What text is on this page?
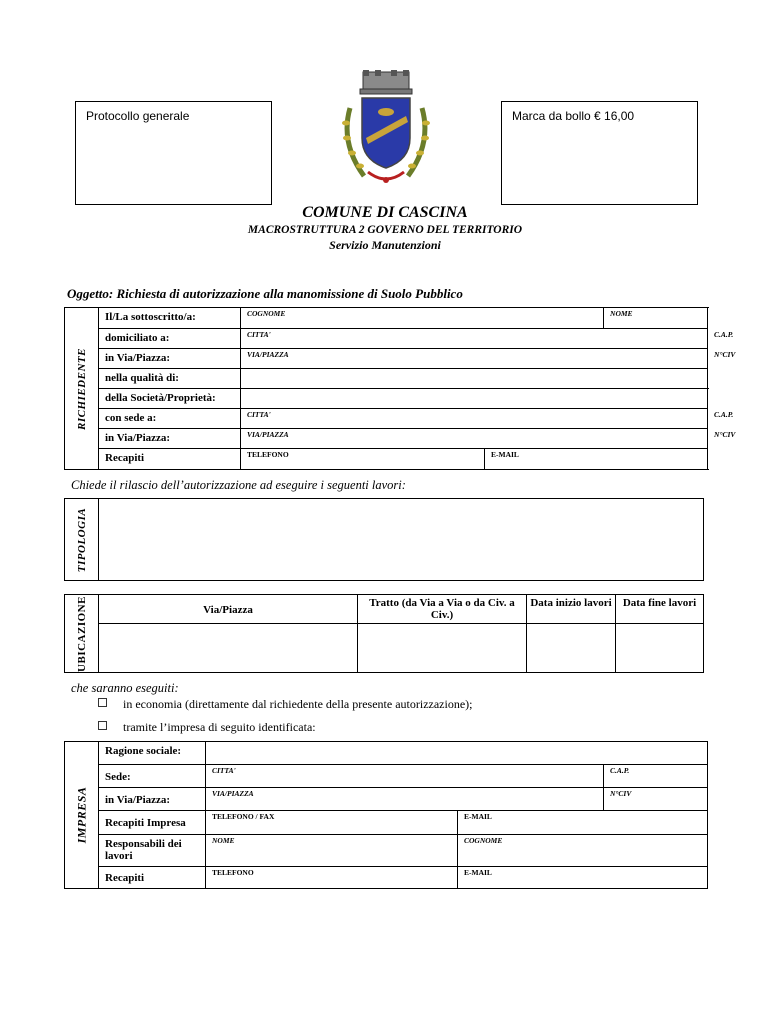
Protocollo generale	Marca da bollo € 16,00
COMUNE DI CASCINA
MACROSTRUTTURA 2 GOVERNO DEL TERRITORIO
Servizio Manutenzioni
Oggetto: Richiesta di autorizzazione alla manomissione di Suolo Pubblico
RICHIEDENTE	Il/La sottoscritto/a:	COGNOME		NOME	
	domiciliato a:	CITTA'			C.A.P.
	in Via/Piazza:	VIA/PIAZZA			N°CIV
	nella qualità di:				
	della Società/Proprietà:				
	con sede a:	CITTA'			C.A.P.
	in Via/Piazza:	VIA/PIAZZA			N°CIV
	Recapiti	TELEFONO	E-MAIL		
Chiede il rilascio dell’autorizzazione ad eseguire i seguenti lavori:
TIPOLOGIA

UBICAZIONE	Via/Piazza	Tratto (da Via a Via o da Civ. a Civ.)	Data inizio lavori	Data fine lavori

che saranno eseguiti:
in economia (direttamente dal richiedente della presente autorizzazione);
tramite l’impresa di seguito identificata:
IMPRESA	Ragione sociale:			
	Sede:	CITTA'		C.A.P.
	in Via/Piazza:	VIA/PIAZZA		N°CIV
	Recapiti Impresa	TELEFONO / FAX	E-MAIL	
	Responsabili dei lavori	NOME	COGNOME	
	Recapiti	TELEFONO	E-MAIL	
